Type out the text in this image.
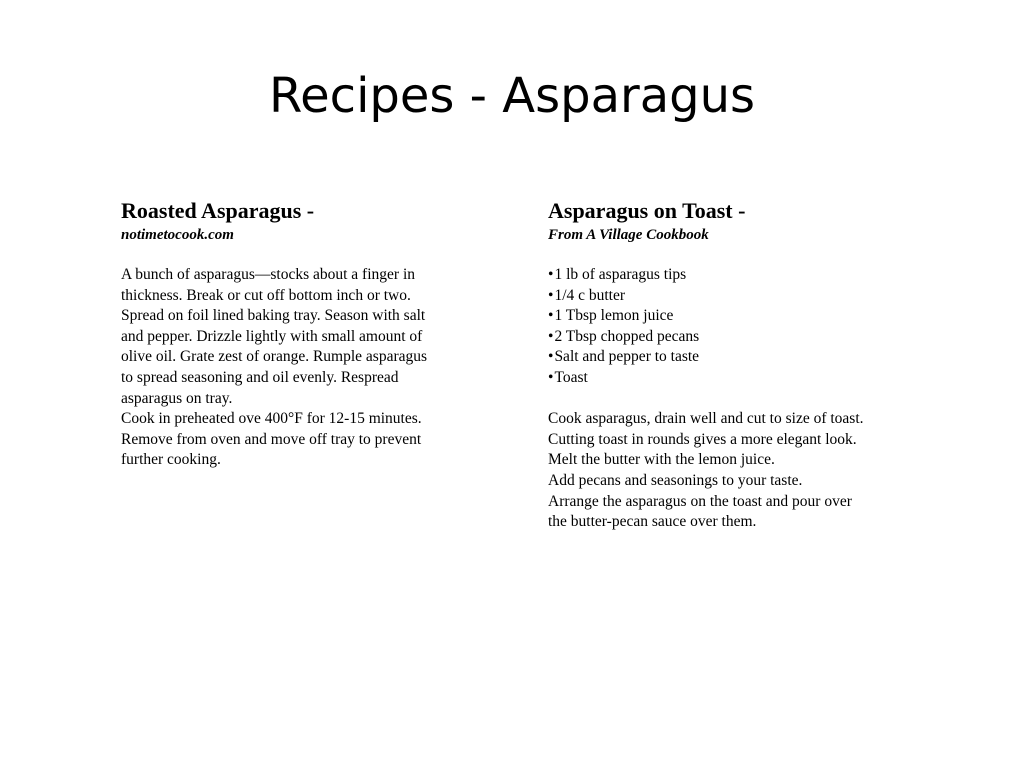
Recipes - Asparagus

Roasted Asparagus -

notimetocook.com

A bunch of asparagus—stocks about a finger in

thickness. Break or cut off bottom inch or two.

Spread on foil lined baking tray. Season with salt

and pepper. Drizzle lightly with small amount of

olive oil. Grate zest of orange. Rumple asparagus

to spread seasoning and oil evenly. Respread

asparagus on tray.

Cook in preheated ove 400°F for 12-15 minutes.

Remove from oven and move off tray to prevent

further cooking.

Asparagus on Toast -

From A Village Cookbook

•1 lb of asparagus tips

•1/4 c butter

•1 Tbsp lemon juice

•2 Tbsp chopped pecans

•Salt and pepper to taste

•Toast

Cook asparagus, drain well and cut to size of toast.

Cutting toast in rounds gives a more elegant look.

Melt the butter with the lemon juice.

Add pecans and seasonings to your taste.

Arrange the asparagus on the toast and pour over

the butter-pecan sauce over them.
